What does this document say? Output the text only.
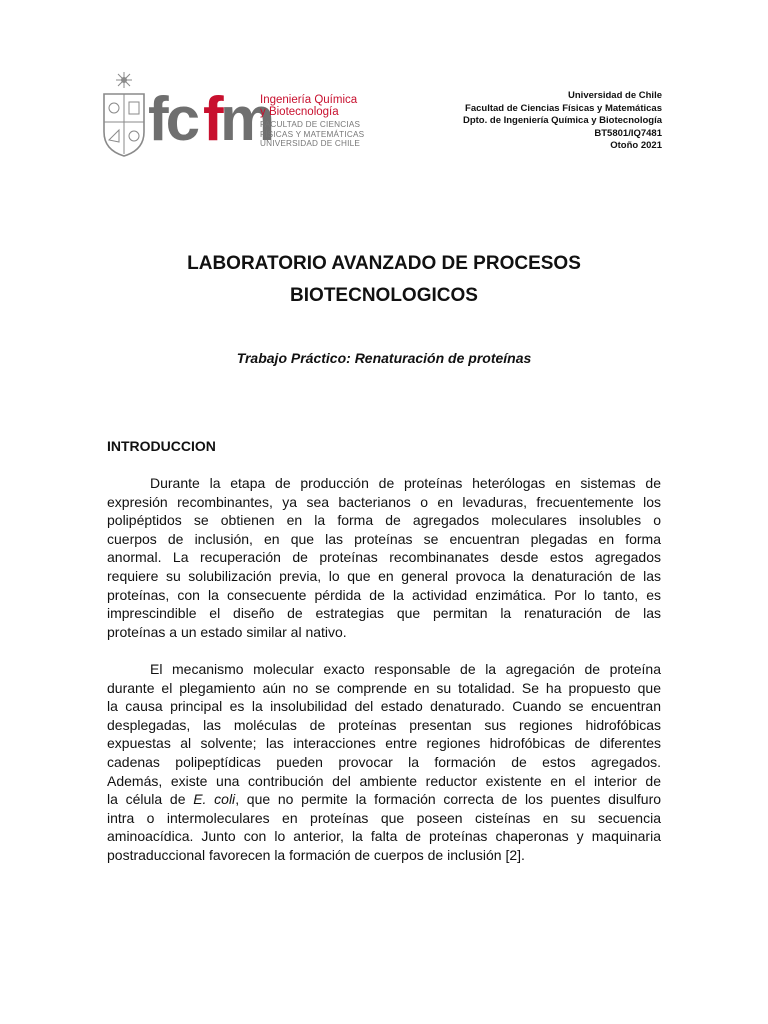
fc f m
Ingeniería Química
y Biotecnología
FACULTAD DE CIENCIAS
FÍSICAS Y MATEMÁTICAS
UNIVERSIDAD DE CHILE
Universidad de Chile
Facultad de Ciencias Físicas y Matemáticas
Dpto. de Ingeniería Química y Biotecnología
BT5801/IQ7481
Otoño 2021
LABORATORIO AVANZADO DE PROCESOS
BIOTECNOLOGICOS
Trabajo Práctico: Renaturación de proteínas
INTRODUCCION
Durante la etapa de producción de proteínas heterólogas en sistemas de
expresión recombinantes, ya sea bacterianos o en levaduras, frecuentemente los
polipéptidos se obtienen en la forma de agregados moleculares insolubles o
cuerpos de inclusión, en que las proteínas se encuentran plegadas en forma
anormal. La recuperación de proteínas recombinanates desde estos agregados
requiere su solubilización previa, lo que en general provoca la denaturación de las
proteínas, con la consecuente pérdida de la actividad enzimática. Por lo tanto, es
imprescindible el diseño de estrategias que permitan la renaturación de las
proteínas a un estado similar al nativo.
El mecanismo molecular exacto responsable de la agregación de proteína
durante el plegamiento aún no se comprende en su totalidad. Se ha propuesto que
la causa principal es la insolubilidad del estado denaturado. Cuando se encuentran
desplegadas, las moléculas de proteínas presentan sus regiones hidrofóbicas
expuestas al solvente; las interacciones entre regiones hidrofóbicas de diferentes
cadenas polipeptídicas pueden provocar la formación de estos agregados.
Además, existe una contribución del ambiente reductor existente en el interior de
la célula de E. coli, que no permite la formación correcta de los puentes disulfuro
intra o intermoleculares en proteínas que poseen cisteínas en su secuencia
aminoacídica. Junto con lo anterior, la falta de proteínas chaperonas y maquinaria
postraduccional favorecen la formación de cuerpos de inclusión [2].
